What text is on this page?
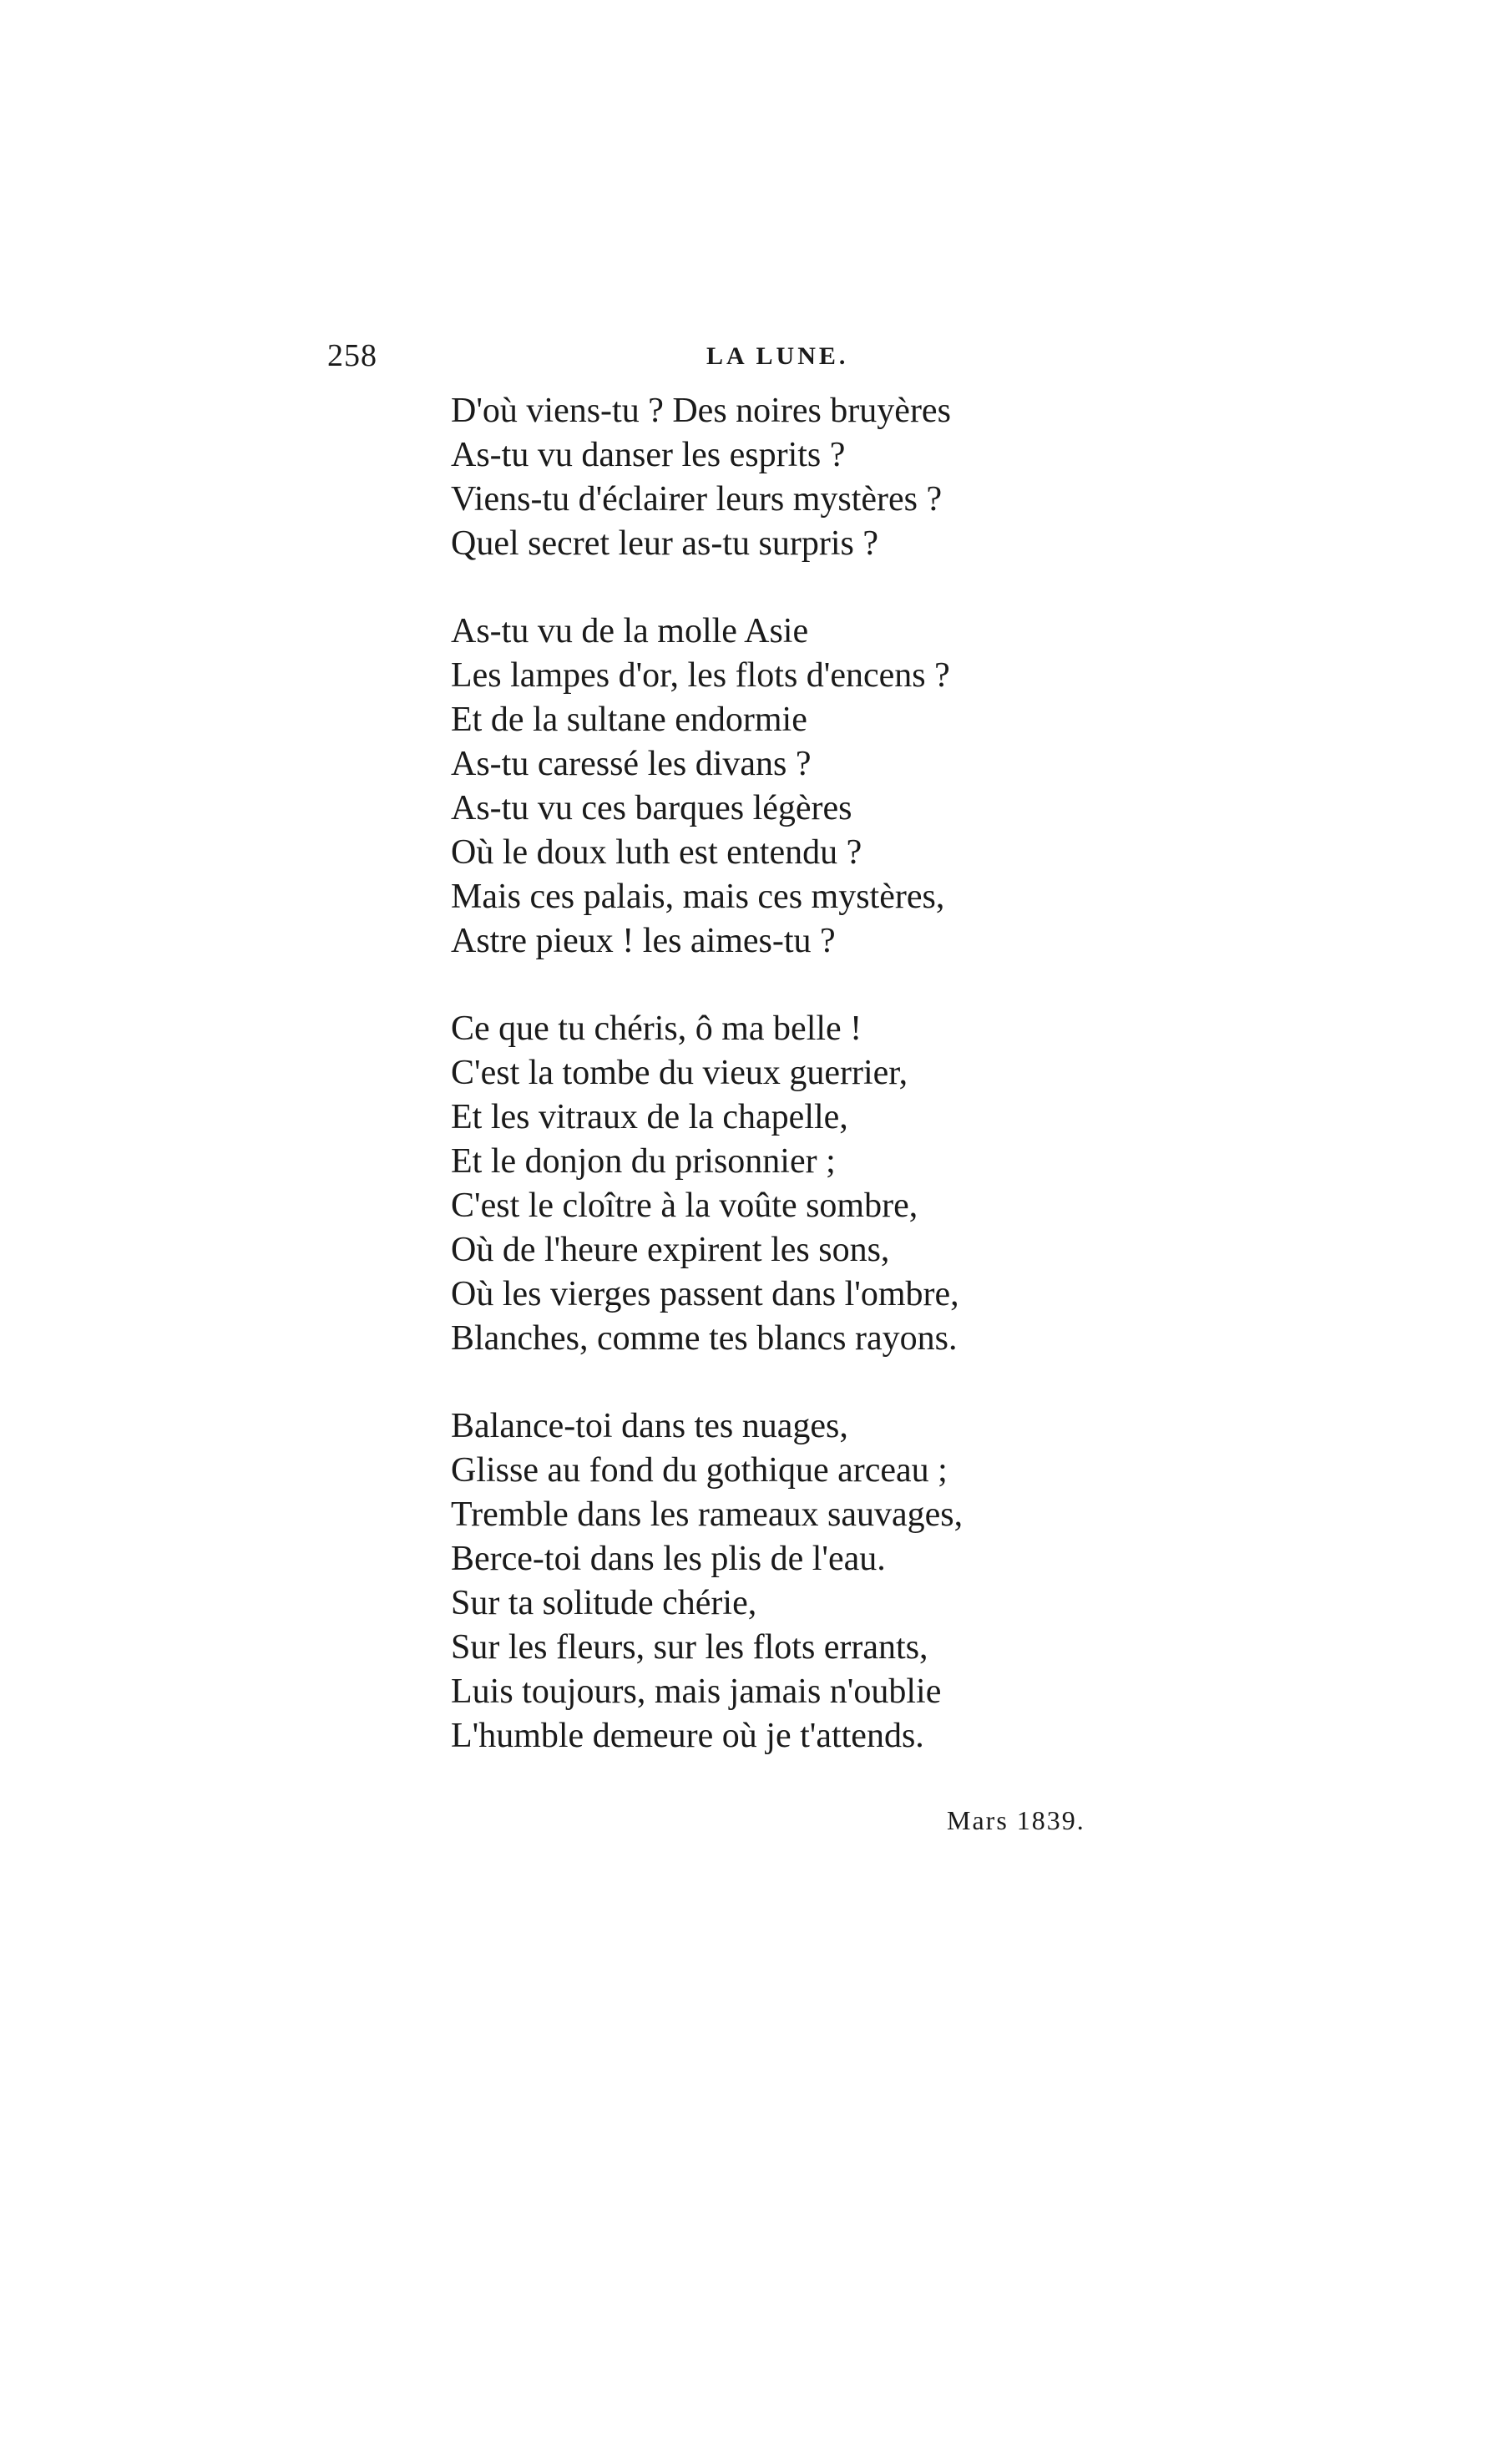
258	LA LUNE.
D'où viens-tu ? Des noires bruyères
As-tu vu danser les esprits ?
Viens-tu d'éclairer leurs mystères ?
Quel secret leur as-tu surpris ?
As-tu vu de la molle Asie
Les lampes d'or, les flots d'encens ?
Et de la sultane endormie
As-tu caressé les divans ?
As-tu vu ces barques légères
Où le doux luth est entendu ?
Mais ces palais, mais ces mystères,
Astre pieux ! les aimes-tu ?
Ce que tu chéris, ô ma belle !
C'est la tombe du vieux guerrier,
Et les vitraux de la chapelle,
Et le donjon du prisonnier ;
C'est le cloître à la voûte sombre,
Où de l'heure expirent les sons,
Où les vierges passent dans l'ombre,
Blanches, comme tes blancs rayons.
Balance-toi dans tes nuages,
Glisse au fond du gothique arceau ;
Tremble dans les rameaux sauvages,
Berce-toi dans les plis de l'eau.
Sur ta solitude chérie,
Sur les fleurs, sur les flots errants,
Luis toujours, mais jamais n'oublie
L'humble demeure où je t'attends.
Mars 1839.
